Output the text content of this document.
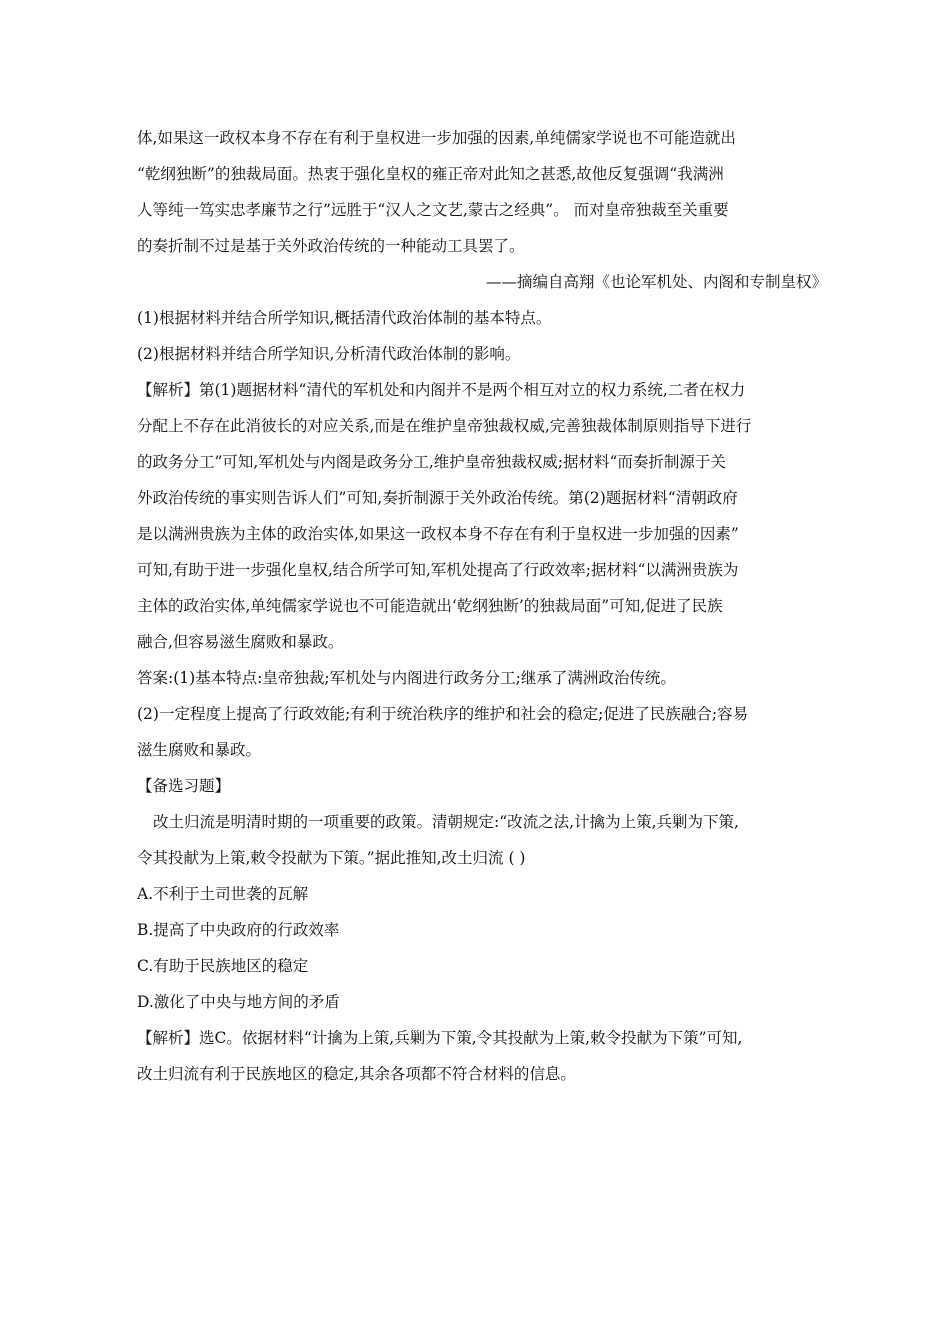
体,如果这一政权本身不存在有利于皇权进一步加强的因素,单纯儒家学说也不可能造就出

“乾纲独断”的独裁局面。热衷于强化皇权的雍正帝对此知之甚悉,故他反复强调“我满洲

人等纯一笃实忠孝廉节之行”远胜于“汉人之文艺,蒙古之经典”。 而对皇帝独裁至关重要

的奏折制不过是基于关外政治传统的一种能动工具罢了。

——摘编自高翔《也论军机处、内阁和专制皇权》

(1)根据材料并结合所学知识,概括清代政治体制的基本特点。

(2)根据材料并结合所学知识,分析清代政治体制的影响。

【解析】第(1)题据材料“清代的军机处和内阁并不是两个相互对立的权力系统,二者在权力

分配上不存在此消彼长的对应关系,而是在维护皇帝独裁权威,完善独裁体制原则指导下进行

的政务分工”可知,军机处与内阁是政务分工,维护皇帝独裁权威;据材料“而奏折制源于关

外政治传统的事实则告诉人们”可知,奏折制源于关外政治传统。第(2)题据材料“清朝政府

是以满洲贵族为主体的政治实体,如果这一政权本身不存在有利于皇权进一步加强的因素”

可知,有助于进一步强化皇权,结合所学可知,军机处提高了行政效率;据材料“以满洲贵族为

主体的政治实体,单纯儒家学说也不可能造就出‘乾纲独断’的独裁局面”可知,促进了民族

融合,但容易滋生腐败和暴政。

答案:(1)基本特点:皇帝独裁;军机处与内阁进行政务分工;继承了满洲政治传统。

(2)一定程度上提高了行政效能;有利于统治秩序的维护和社会的稳定;促进了民族融合;容易

滋生腐败和暴政。

【备选习题】

改土归流是明清时期的一项重要的政策。清朝规定:“改流之法,计擒为上策,兵剿为下策,

令其投献为上策,敕令投献为下策。”据此推知,改土归流 ( )

A.不利于土司世袭的瓦解

B.提高了中央政府的行政效率

C.有助于民族地区的稳定

D.激化了中央与地方间的矛盾

【解析】选C。依据材料“计擒为上策,兵剿为下策,令其投献为上策,敕令投献为下策”可知,

改土归流有利于民族地区的稳定,其余各项都不符合材料的信息。
